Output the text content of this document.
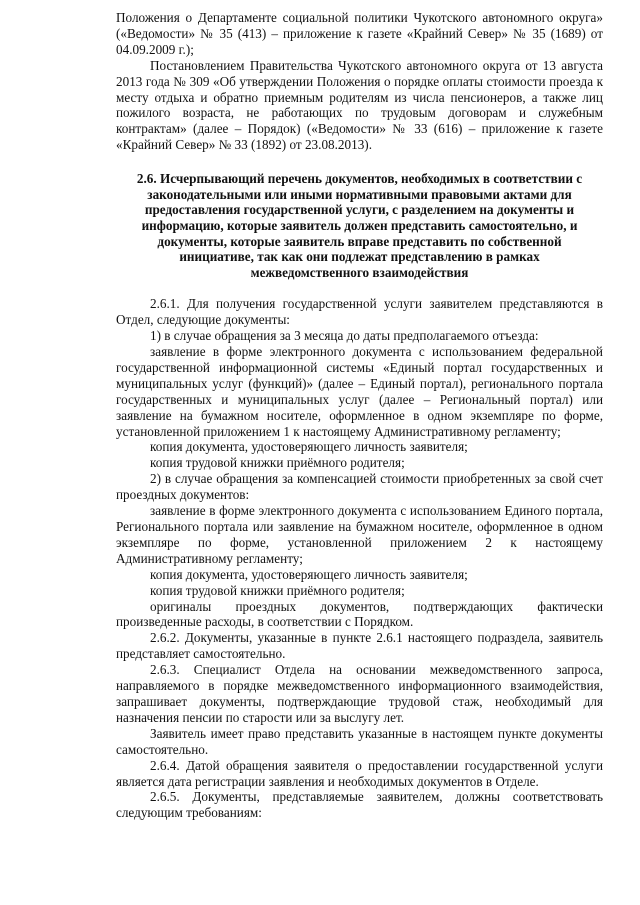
Положения о Департаменте социальной политики Чукотского автономного округа» («Ведомости» № 35 (413) – приложение к газете «Крайний Север» № 35 (1689) от 04.09.2009 г.);

Постановлением Правительства Чукотского автономного округа от 13 августа 2013 года № 309 «Об утверждении Положения о порядке оплаты стоимости проезда к месту отдыха и обратно приемным родителям из числа пенсионеров, а также лиц пожилого возраста, не работающих по трудовым договорам и служебным контрактам» (далее – Порядок) («Ведомости» № 33 (616) – приложение к газете «Крайний Север» № 33 (1892) от 23.08.2013).

2.6. Исчерпывающий перечень документов, необходимых в соответствии с законодательными или иными нормативными правовыми актами для предоставления государственной услуги, с разделением на документы и информацию, которые заявитель должен представить самостоятельно, и документы, которые заявитель вправе представить по собственной инициативе, так как они подлежат представлению в рамках межведомственного взаимодействия

2.6.1. Для получения государственной услуги заявителем представляются в Отдел, следующие документы:

1) в случае обращения за 3 месяца до даты предполагаемого отъезда:

заявление в форме электронного документа с использованием федеральной государственной информационной системы «Единый портал государственных и муниципальных услуг (функций)» (далее – Единый портал), регионального портала государственных и муниципальных услуг (далее – Региональный портал) или заявление на бумажном носителе, оформленное в одном экземпляре по форме, установленной приложением 1 к настоящему Административному регламенту;

копия документа, удостоверяющего личность заявителя;

копия трудовой книжки приёмного родителя;

2) в случае обращения за компенсацией стоимости приобретенных за свой счет проездных документов:

заявление в форме электронного документа с использованием Единого портала, Регионального портала или заявление на бумажном носителе, оформленное в одном экземпляре по форме, установленной приложением 2 к настоящему Административному регламенту;

копия документа, удостоверяющего личность заявителя;

копия трудовой книжки приёмного родителя;

оригиналы проездных документов, подтверждающих фактически произведенные расходы, в соответствии с Порядком.

2.6.2. Документы, указанные в пункте 2.6.1 настоящего подраздела, заявитель представляет самостоятельно.

2.6.3. Специалист Отдела на основании межведомственного запроса, направляемого в порядке межведомственного информационного взаимодействия, запрашивает документы, подтверждающие трудовой стаж, необходимый для назначения пенсии по старости или за выслугу лет.

Заявитель имеет право представить указанные в настоящем пункте документы самостоятельно.

2.6.4. Датой обращения заявителя о предоставлении государственной услуги является дата регистрации заявления и необходимых документов в Отделе.

2.6.5. Документы, представляемые заявителем, должны соответствовать следующим требованиям:
